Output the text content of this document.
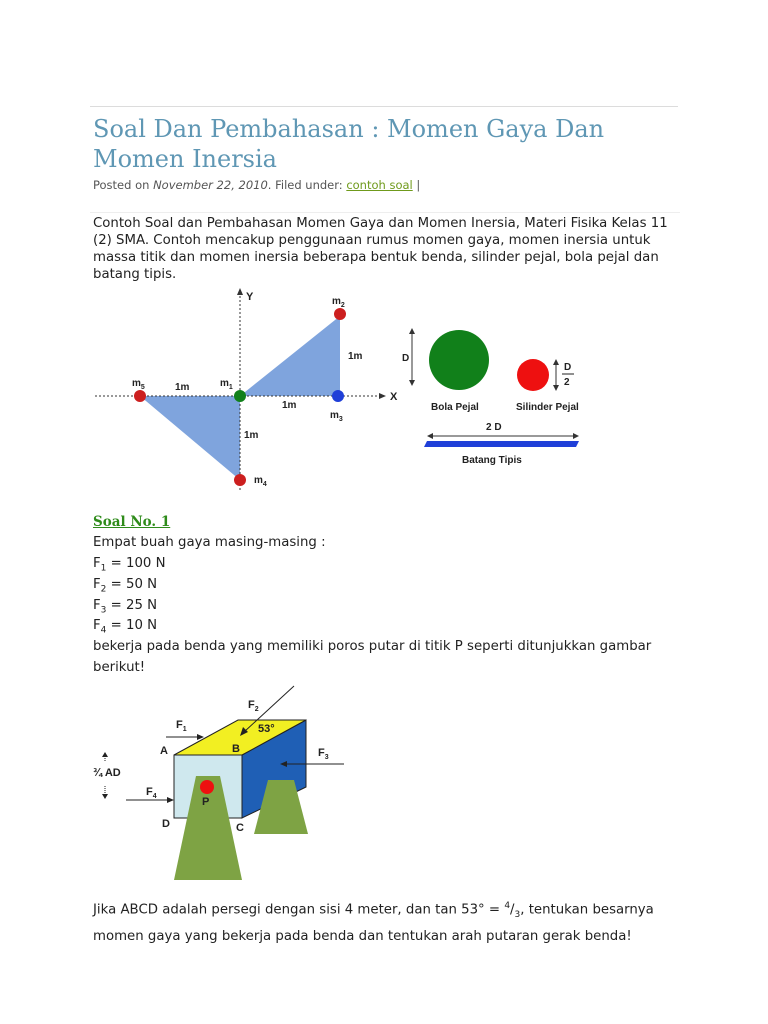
Soal Dan Pembahasan : Momen Gaya Dan Momen Inersia
Posted on November 22, 2010. Filed under: contoh soal |

Contoh Soal dan Pembahasan Momen Gaya dan Momen Inersia, Materi Fisika Kelas 11 (2) SMA. Contoh mencakup penggunaan rumus momen gaya, momen inersia untuk massa titik dan momen inersia beberapa bentuk benda, silinder pejal, bola pejal dan batang tipis.

Y
X
$m_1$
$m_2$
$m_3$
$m_4$
$m_5$	1m
1m
1m
1m
D
Bola Pejal
D
2
Silinder Pejal
2 D
Batang Tipis
Soal No. 1

Empat buah gaya masing-masing :

$F_1 = 100$ N

$F_2 = 50$ N

$F_3 = 25$ N

$F_4 = 10$ N

bekerja pada benda yang memiliki poros putar di titik P seperti ditunjukkan gambar berikut!

A	B
C
D
P
$F_1$
$F_2$
53°
$F_3$
$F_4$
¾ AD

Jika ABCD adalah persegi dengan sisi 4 meter, dan $\tan 53^\circ = ^4/_3$, tentukan besarnya momen gaya yang bekerja pada benda dan tentukan arah putaran gerak benda!
